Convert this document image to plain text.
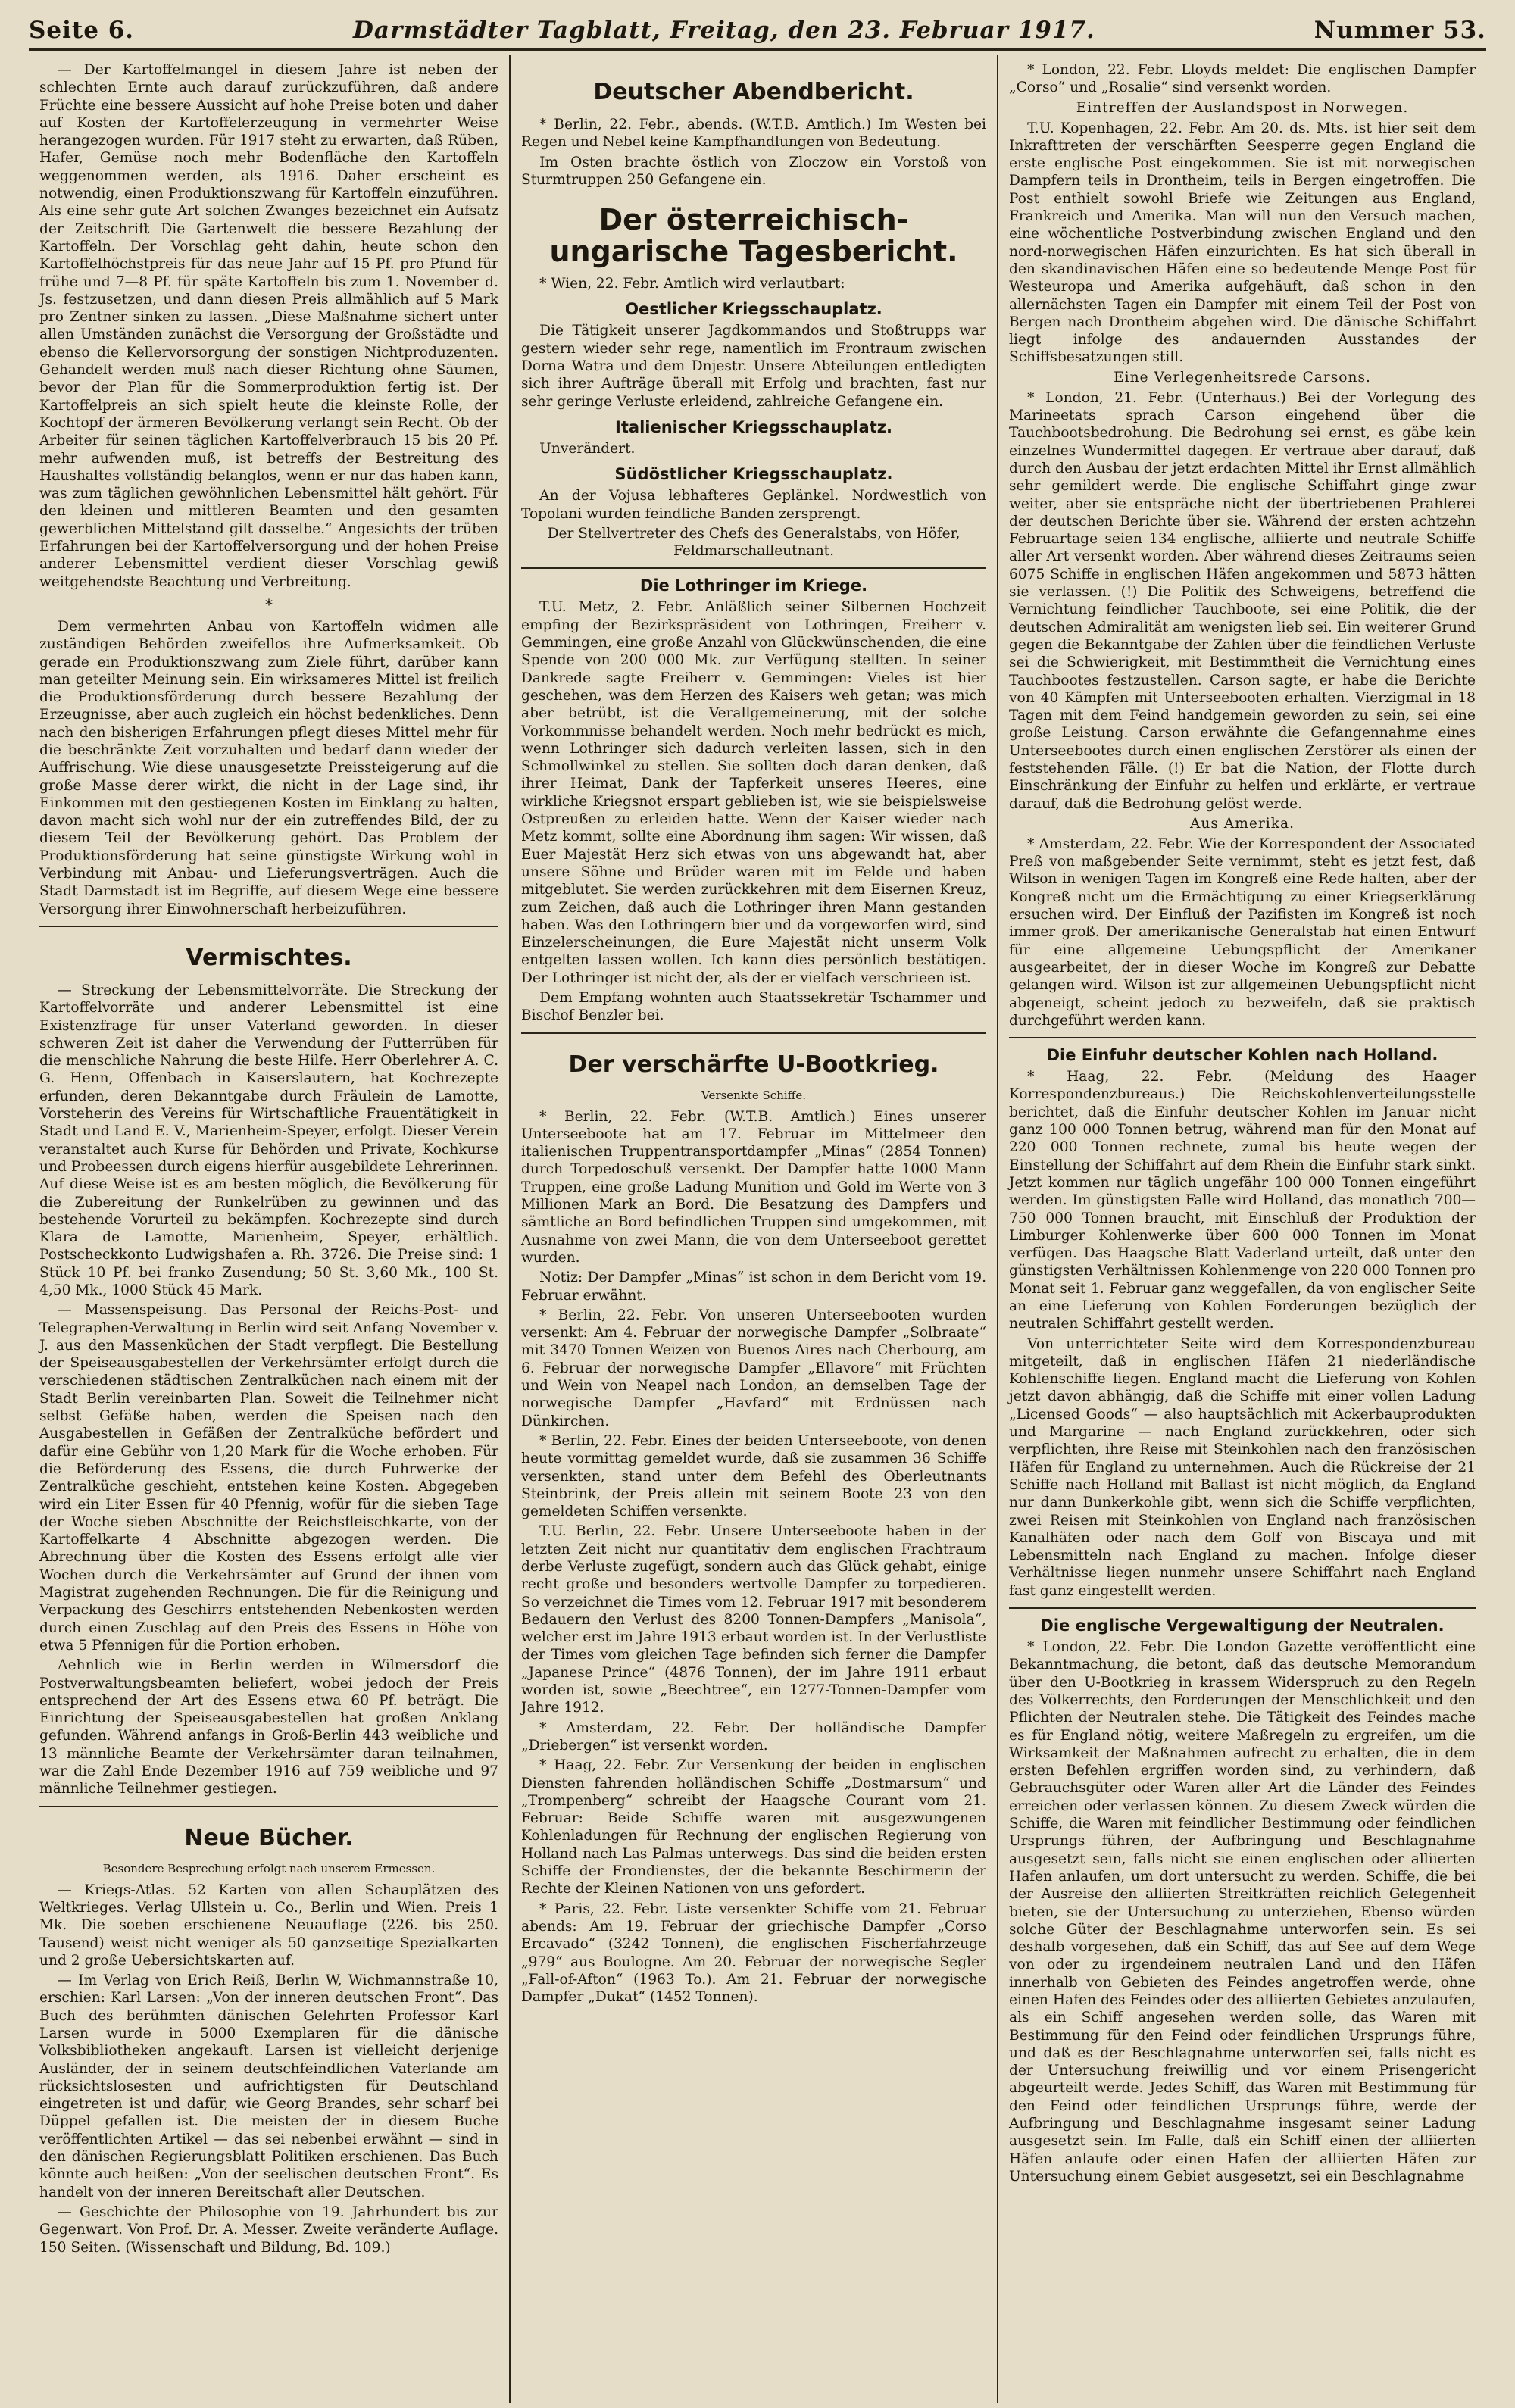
Seite 6.	Darmstädter Tagblatt, Freitag, den 23. Februar 1917.	Nummer 53.

— Der Kartoffelmangel in diesem Jahre ist neben der schlechten Ernte auch darauf zurückzuführen, daß andere Früchte eine bessere Aussicht auf hohe Preise boten und daher auf Kosten der Kartoffelerzeugung in vermehrter Weise herangezogen wurden. Für 1917 steht zu erwarten, daß Rüben, Hafer, Gemüse noch mehr Bodenfläche den Kartoffeln weggenommen werden, als 1916. Daher erscheint es notwendig, einen Produktionszwang für Kartoffeln einzuführen. Als eine sehr gute Art solchen Zwanges bezeichnet ein Aufsatz der Zeitschrift Die Gartenwelt die bessere Bezahlung der Kartoffeln. Der Vorschlag geht dahin, heute schon den Kartoffelhöchstpreis für das neue Jahr auf 15 Pf. pro Pfund für frühe und 7—8 Pf. für späte Kartoffeln bis zum 1. November d. Js. festzusetzen, und dann diesen Preis allmählich auf 5 Mark pro Zentner sinken zu lassen. „Diese Maßnahme sichert unter allen Umständen zunächst die Versorgung der Großstädte und ebenso die Kellervorsorgung der sonstigen Nichtproduzenten. Gehandelt werden muß nach dieser Richtung ohne Säumen, bevor der Plan für die Sommerproduktion fertig ist. Der Kartoffelpreis an sich spielt heute die kleinste Rolle, der Kochtopf der ärmeren Bevölkerung verlangt sein Recht. Ob der Arbeiter für seinen täglichen Kartoffelverbrauch 15 bis 20 Pf. mehr aufwenden muß, ist betreffs der Bestreitung des Haushaltes vollständig belanglos, wenn er nur das haben kann, was zum täglichen gewöhnlichen Lebensmittel hält gehört. Für den kleinen und mittleren Beamten und den gesamten gewerblichen Mittelstand gilt dasselbe.“ Angesichts der trüben Erfahrungen bei der Kartoffelversorgung und der hohen Preise anderer Lebensmittel verdient dieser Vorschlag gewiß weitgehendste Beachtung und Verbreitung.

*

Dem vermehrten Anbau von Kartoffeln widmen alle zuständigen Behörden zweifellos ihre Aufmerksamkeit. Ob gerade ein Produktionszwang zum Ziele führt, darüber kann man geteilter Meinung sein. Ein wirksameres Mittel ist freilich die Produktionsförderung durch bessere Bezahlung der Erzeugnisse, aber auch zugleich ein höchst bedenkliches. Denn nach den bisherigen Erfahrungen pflegt dieses Mittel mehr für die beschränkte Zeit vorzuhalten und bedarf dann wieder der Auffrischung. Wie diese unausgesetzte Preissteigerung auf die große Masse derer wirkt, die nicht in der Lage sind, ihr Einkommen mit den gestiegenen Kosten im Einklang zu halten, davon macht sich wohl nur der ein zutreffendes Bild, der zu diesem Teil der Bevölkerung gehört. Das Problem der Produktionsförderung hat seine günstigste Wirkung wohl in Verbindung mit Anbau- und Lieferungsverträgen. Auch die Stadt Darmstadt ist im Begriffe, auf diesem Wege eine bessere Versorgung ihrer Einwohnerschaft herbeizuführen.

Vermischtes.

— Streckung der Lebensmittelvorräte. Die Streckung der Kartoffelvorräte und anderer Lebensmittel ist eine Existenzfrage für unser Vaterland geworden. In dieser schweren Zeit ist daher die Verwendung der Futterrüben für die menschliche Nahrung die beste Hilfe. Herr Oberlehrer A. C. G. Henn, Offenbach in Kaiserslautern, hat Kochrezepte erfunden, deren Bekanntgabe durch Fräulein de Lamotte, Vorsteherin des Vereins für Wirtschaftliche Frauentätigkeit in Stadt und Land E. V., Marienheim-Speyer, erfolgt. Dieser Verein veranstaltet auch Kurse für Behörden und Private, Kochkurse und Probeessen durch eigens hierfür ausgebildete Lehrerinnen. Auf diese Weise ist es am besten möglich, die Bevölkerung für die Zubereitung der Runkelrüben zu gewinnen und das bestehende Vorurteil zu bekämpfen. Kochrezepte sind durch Klara de Lamotte, Marienheim, Speyer, erhältlich. Postscheckkonto Ludwigshafen a. Rh. 3726. Die Preise sind: 1 Stück 10 Pf. bei franko Zusendung; 50 St. 3,60 Mk., 100 St. 4,50 Mk., 1000 Stück 45 Mark.

— Massenspeisung. Das Personal der Reichs-Post- und Telegraphen-Verwaltung in Berlin wird seit Anfang November v. J. aus den Massenküchen der Stadt verpflegt. Die Bestellung der Speiseausgabestellen der Verkehrsämter erfolgt durch die verschiedenen städtischen Zentralküchen nach einem mit der Stadt Berlin vereinbarten Plan. Soweit die Teilnehmer nicht selbst Gefäße haben, werden die Speisen nach den Ausgabestellen in Gefäßen der Zentralküche befördert und dafür eine Gebühr von 1,20 Mark für die Woche erhoben. Für die Beförderung des Essens, die durch Fuhrwerke der Zentralküche geschieht, entstehen keine Kosten. Abgegeben wird ein Liter Essen für 40 Pfennig, wofür für die sieben Tage der Woche sieben Abschnitte der Reichsfleischkarte, von der Kartoffelkarte 4 Abschnitte abgezogen werden. Die Abrechnung über die Kosten des Essens erfolgt alle vier Wochen durch die Verkehrsämter auf Grund der ihnen vom Magistrat zugehenden Rechnungen. Die für die Reinigung und Verpackung des Geschirrs entstehenden Nebenkosten werden durch einen Zuschlag auf den Preis des Essens in Höhe von etwa 5 Pfennigen für die Portion erhoben.

Aehnlich wie in Berlin werden in Wilmersdorf die Postverwaltungsbeamten beliefert, wobei jedoch der Preis entsprechend der Art des Essens etwa 60 Pf. beträgt. Die Einrichtung der Speiseausgabestellen hat großen Anklang gefunden. Während anfangs in Groß-Berlin 443 weibliche und 13 männliche Beamte der Verkehrsämter daran teilnahmen, war die Zahl Ende Dezember 1916 auf 759 weibliche und 97 männliche Teilnehmer gestiegen.

Neue Bücher.
Besondere Besprechung erfolgt nach unserem Ermessen.

— Kriegs-Atlas. 52 Karten von allen Schauplätzen des Weltkrieges. Verlag Ullstein u. Co., Berlin und Wien. Preis 1 Mk. Die soeben erschienene Neuauflage (226. bis 250. Tausend) weist nicht weniger als 50 ganzseitige Spezialkarten und 2 große Uebersichtskarten auf.

— Im Verlag von Erich Reiß, Berlin W, Wichmannstraße 10, erschien: Karl Larsen: „Von der inneren deutschen Front“. Das Buch des berühmten dänischen Gelehrten Professor Karl Larsen wurde in 5000 Exemplaren für die dänische Volksbibliotheken angekauft. Larsen ist vielleicht derjenige Ausländer, der in seinem deutschfeindlichen Vaterlande am rücksichtslosesten und aufrichtigsten für Deutschland eingetreten ist und dafür, wie Georg Brandes, sehr scharf bei Düppel gefallen ist. Die meisten der in diesem Buche veröffentlichten Artikel — das sei nebenbei erwähnt — sind in den dänischen Regierungsblatt Politiken erschienen. Das Buch könnte auch heißen: „Von der seelischen deutschen Front“. Es handelt von der inneren Bereitschaft aller Deutschen.

— Geschichte der Philosophie von 19. Jahrhundert bis zur Gegenwart. Von Prof. Dr. A. Messer. Zweite veränderte Auflage. 150 Seiten. (Wissenschaft und Bildung, Bd. 109.)

Deutscher Abendbericht.

* Berlin, 22. Febr., abends. (W.T.B. Amtlich.) Im Westen bei Regen und Nebel keine Kampfhandlungen von Bedeutung.

Im Osten brachte östlich von Zloczow ein Vorstoß von Sturmtruppen 250 Gefangene ein.

Der österreichisch-ungarische Tagesbericht.

* Wien, 22. Febr. Amtlich wird verlautbart:

Oestlicher Kriegsschauplatz.

Die Tätigkeit unserer Jagdkommandos und Stoßtrupps war gestern wieder sehr rege, namentlich im Frontraum zwischen Dorna Watra und dem Dnjestr. Unsere Abteilungen entledigten sich ihrer Aufträge überall mit Erfolg und brachten, fast nur sehr geringe Verluste erleidend, zahlreiche Gefangene ein.

Italienischer Kriegsschauplatz.

Unverändert.

Südöstlicher Kriegsschauplatz.

An der Vojusa lebhafteres Geplänkel. Nordwestlich von Topolani wurden feindliche Banden zersprengt.

Der Stellvertreter des Chefs des Generalstabs, von Höfer, Feldmarschalleutnant.

Die Lothringer im Kriege.

T.U. Metz, 2. Febr. Anläßlich seiner Silbernen Hochzeit empfing der Bezirkspräsident von Lothringen, Freiherr v. Gemmingen, eine große Anzahl von Glückwünschenden, die eine Spende von 200 000 Mk. zur Verfügung stellten. In seiner Dankrede sagte Freiherr v. Gemmingen: Vieles ist hier geschehen, was dem Herzen des Kaisers weh getan; was mich aber betrübt, ist die Verallgemeinerung, mit der solche Vorkommnisse behandelt werden. Noch mehr bedrückt es mich, wenn Lothringer sich dadurch verleiten lassen, sich in den Schmollwinkel zu stellen. Sie sollten doch daran denken, daß ihrer Heimat, Dank der Tapferkeit unseres Heeres, eine wirkliche Kriegsnot erspart geblieben ist, wie sie beispielsweise Ostpreußen zu erleiden hatte. Wenn der Kaiser wieder nach Metz kommt, sollte eine Abordnung ihm sagen: Wir wissen, daß Euer Majestät Herz sich etwas von uns abgewandt hat, aber unsere Söhne und Brüder waren mit im Felde und haben mitgeblutet. Sie werden zurückkehren mit dem Eisernen Kreuz, zum Zeichen, daß auch die Lothringer ihren Mann gestanden haben. Was den Lothringern bier und da vorgeworfen wird, sind Einzelerscheinungen, die Eure Majestät nicht unserm Volk entgelten lassen wollen. Ich kann dies persönlich bestätigen. Der Lothringer ist nicht der, als der er vielfach verschrieen ist.

Dem Empfang wohnten auch Staatssekretär Tschammer und Bischof Benzler bei.

Der verschärfte U-Bootkrieg.
Versenkte Schiffe.

* Berlin, 22. Febr. (W.T.B. Amtlich.) Eines unserer Unterseeboote hat am 17. Februar im Mittelmeer den italienischen Truppentransportdampfer „Minas“ (2854 Tonnen) durch Torpedoschuß versenkt. Der Dampfer hatte 1000 Mann Truppen, eine große Ladung Munition und Gold im Werte von 3 Millionen Mark an Bord. Die Besatzung des Dampfers und sämtliche an Bord befindlichen Truppen sind umgekommen, mit Ausnahme von zwei Mann, die von dem Unterseeboot gerettet wurden.

Notiz: Der Dampfer „Minas“ ist schon in dem Bericht vom 19. Februar erwähnt.

* Berlin, 22. Febr. Von unseren Unterseebooten wurden versenkt: Am 4. Februar der norwegische Dampfer „Solbraate“ mit 3470 Tonnen Weizen von Buenos Aires nach Cherbourg, am 6. Februar der norwegische Dampfer „Ellavore“ mit Früchten und Wein von Neapel nach London, an demselben Tage der norwegische Dampfer „Havfard“ mit Erdnüssen nach Dünkirchen.

* Berlin, 22. Febr. Eines der beiden Unterseeboote, von denen heute vormittag gemeldet wurde, daß sie zusammen 36 Schiffe versenkten, stand unter dem Befehl des Oberleutnants Steinbrink, der Preis allein mit seinem Boote 23 von den gemeldeten Schiffen versenkte.

T.U. Berlin, 22. Febr. Unsere Unterseeboote haben in der letzten Zeit nicht nur quantitativ dem englischen Frachtraum derbe Verluste zugefügt, sondern auch das Glück gehabt, einige recht große und besonders wertvolle Dampfer zu torpedieren. So verzeichnet die Times vom 12. Februar 1917 mit besonderem Bedauern den Verlust des 8200 Tonnen-Dampfers „Manisola“, welcher erst im Jahre 1913 erbaut worden ist. In der Verlustliste der Times vom gleichen Tage befinden sich ferner die Dampfer „Japanese Prince“ (4876 Tonnen), der im Jahre 1911 erbaut worden ist, sowie „Beechtree“, ein 1277-Tonnen-Dampfer vom Jahre 1912.

* Amsterdam, 22. Febr. Der holländische Dampfer „Driebergen“ ist versenkt worden.

* Haag, 22. Febr. Zur Versenkung der beiden in englischen Diensten fahrenden holländischen Schiffe „Dostmarsum“ und „Trompenberg“ schreibt der Haagsche Courant vom 21. Februar: Beide Schiffe waren mit ausgezwungenen Kohlenladungen für Rechnung der englischen Regierung von Holland nach Las Palmas unterwegs. Das sind die beiden ersten Schiffe der Frondienstes, der die bekannte Beschirmerin der Rechte der Kleinen Nationen von uns gefordert.

* Paris, 22. Febr. Liste versenkter Schiffe vom 21. Februar abends: Am 19. Februar der griechische Dampfer „Corso Ercavado“ (3242 Tonnen), die englischen Fischerfahrzeuge „979“ aus Boulogne. Am 20. Februar der norwegische Segler „Fall-of-Afton“ (1963 To.). Am 21. Februar der norwegische Dampfer „Dukat“ (1452 Tonnen).

* London, 22. Febr. Lloyds meldet: Die englischen Dampfer „Corso“ und „Rosalie“ sind versenkt worden.

Eintreffen der Auslandspost in Norwegen.

T.U. Kopenhagen, 22. Febr. Am 20. ds. Mts. ist hier seit dem Inkrafttreten der verschärften Seesperre gegen England die erste englische Post eingekommen. Sie ist mit norwegischen Dampfern teils in Drontheim, teils in Bergen eingetroffen. Die Post enthielt sowohl Briefe wie Zeitungen aus England, Frankreich und Amerika. Man will nun den Versuch machen, eine wöchentliche Postverbindung zwischen England und den nord-norwegischen Häfen einzurichten. Es hat sich überall in den skandinavischen Häfen eine so bedeutende Menge Post für Westeuropa und Amerika aufgehäuft, daß schon in den allernächsten Tagen ein Dampfer mit einem Teil der Post von Bergen nach Drontheim abgehen wird. Die dänische Schiffahrt liegt infolge des andauernden Ausstandes der Schiffsbesatzungen still.

Eine Verlegenheitsrede Carsons.

* London, 21. Febr. (Unterhaus.) Bei der Vorlegung des Marineetats sprach Carson eingehend über die Tauchbootsbedrohung. Die Bedrohung sei ernst, es gäbe kein einzelnes Wundermittel dagegen. Er vertraue aber darauf, daß durch den Ausbau der jetzt erdachten Mittel ihr Ernst allmählich sehr gemildert werde. Die englische Schiffahrt ginge zwar weiter, aber sie entspräche nicht der übertriebenen Prahlerei der deutschen Berichte über sie. Während der ersten achtzehn Februartage seien 134 englische, alliierte und neutrale Schiffe aller Art versenkt worden. Aber während dieses Zeitraums seien 6075 Schiffe in englischen Häfen angekommen und 5873 hätten sie verlassen. (!) Die Politik des Schweigens, betreffend die Vernichtung feindlicher Tauchboote, sei eine Politik, die der deutschen Admiralität am wenigsten lieb sei. Ein weiterer Grund gegen die Bekanntgabe der Zahlen über die feindlichen Verluste sei die Schwierigkeit, mit Bestimmtheit die Vernichtung eines Tauchbootes festzustellen. Carson sagte, er habe die Berichte von 40 Kämpfen mit Unterseebooten erhalten. Vierzigmal in 18 Tagen mit dem Feind handgemein geworden zu sein, sei eine große Leistung. Carson erwähnte die Gefangennahme eines Unterseebootes durch einen englischen Zerstörer als einen der feststehenden Fälle. (!) Er bat die Nation, der Flotte durch Einschränkung der Einfuhr zu helfen und erklärte, er vertraue darauf, daß die Bedrohung gelöst werde.

Aus Amerika.

* Amsterdam, 22. Febr. Wie der Korrespondent der Associated Preß von maßgebender Seite vernimmt, steht es jetzt fest, daß Wilson in wenigen Tagen im Kongreß eine Rede halten, aber der Kongreß nicht um die Ermächtigung zu einer Kriegserklärung ersuchen wird. Der Einfluß der Pazifisten im Kongreß ist noch immer groß. Der amerikanische Generalstab hat einen Entwurf für eine allgemeine Uebungspflicht der Amerikaner ausgearbeitet, der in dieser Woche im Kongreß zur Debatte gelangen wird. Wilson ist zur allgemeinen Uebungspflicht nicht abgeneigt, scheint jedoch zu bezweifeln, daß sie praktisch durchgeführt werden kann.

Die Einfuhr deutscher Kohlen nach Holland.

* Haag, 22. Febr. (Meldung des Haager Korrespondenzbureaus.) Die Reichskohlenverteilungsstelle berichtet, daß die Einfuhr deutscher Kohlen im Januar nicht ganz 100 000 Tonnen betrug, während man für den Monat auf 220 000 Tonnen rechnete, zumal bis heute wegen der Einstellung der Schiffahrt auf dem Rhein die Einfuhr stark sinkt. Jetzt kommen nur täglich ungefähr 100 000 Tonnen eingeführt werden. Im günstigsten Falle wird Holland, das monatlich 700—750 000 Tonnen braucht, mit Einschluß der Produktion der Limburger Kohlenwerke über 600 000 Tonnen im Monat verfügen. Das Haagsche Blatt Vaderland urteilt, daß unter den günstigsten Verhältnissen Kohlenmenge von 220 000 Tonnen pro Monat seit 1. Februar ganz weggefallen, da von englischer Seite an eine Lieferung von Kohlen Forderungen bezüglich der neutralen Schiffahrt gestellt werden.

Von unterrichteter Seite wird dem Korrespondenzbureau mitgeteilt, daß in englischen Häfen 21 niederländische Kohlenschiffe liegen. England macht die Lieferung von Kohlen jetzt davon abhängig, daß die Schiffe mit einer vollen Ladung „Licensed Goods“ — also hauptsächlich mit Ackerbauprodukten und Margarine — nach England zurückkehren, oder sich verpflichten, ihre Reise mit Steinkohlen nach den französischen Häfen für England zu unternehmen. Auch die Rückreise der 21 Schiffe nach Holland mit Ballast ist nicht möglich, da England nur dann Bunkerkohle gibt, wenn sich die Schiffe verpflichten, zwei Reisen mit Steinkohlen von England nach französischen Kanalhäfen oder nach dem Golf von Biscaya und mit Lebensmitteln nach England zu machen. Infolge dieser Verhältnisse liegen nunmehr unsere Schiffahrt nach England fast ganz eingestellt werden.

Die englische Vergewaltigung der Neutralen.

* London, 22. Febr. Die London Gazette veröffentlicht eine Bekanntmachung, die betont, daß das deutsche Memorandum über den U-Bootkrieg in krassem Widerspruch zu den Regeln des Völkerrechts, den Forderungen der Menschlichkeit und den Pflichten der Neutralen stehe. Die Tätigkeit des Feindes mache es für England nötig, weitere Maßregeln zu ergreifen, um die Wirksamkeit der Maßnahmen aufrecht zu erhalten, die in dem ersten Befehlen ergriffen worden sind, zu verhindern, daß Gebrauchsgüter oder Waren aller Art die Länder des Feindes erreichen oder verlassen können. Zu diesem Zweck würden die Schiffe, die Waren mit feindlicher Bestimmung oder feindlichen Ursprungs führen, der Aufbringung und Beschlagnahme ausgesetzt sein, falls nicht sie einen englischen oder alliierten Hafen anlaufen, um dort untersucht zu werden. Schiffe, die bei der Ausreise den alliierten Streitkräften reichlich Gelegenheit bieten, sie der Untersuchung zu unterziehen, Ebenso würden solche Güter der Beschlagnahme unterworfen sein. Es sei deshalb vorgesehen, daß ein Schiff, das auf See auf dem Wege von oder zu irgendeinem neutralen Land und den Häfen innerhalb von Gebieten des Feindes angetroffen werde, ohne einen Hafen des Feindes oder des alliierten Gebietes anzulaufen, als ein Schiff angesehen werden solle, das Waren mit Bestimmung für den Feind oder feindlichen Ursprungs führe, und daß es der Beschlagnahme unterworfen sei, falls nicht es der Untersuchung freiwillig und vor einem Prisengericht abgeurteilt werde. Jedes Schiff, das Waren mit Bestimmung für den Feind oder feindlichen Ursprungs führe, werde der Aufbringung und Beschlagnahme insgesamt seiner Ladung ausgesetzt sein. Im Falle, daß ein Schiff einen der alliierten Häfen anlaufe oder einen Hafen der alliierten Häfen zur Untersuchung einem Gebiet ausgesetzt, sei ein Beschlagnahme
